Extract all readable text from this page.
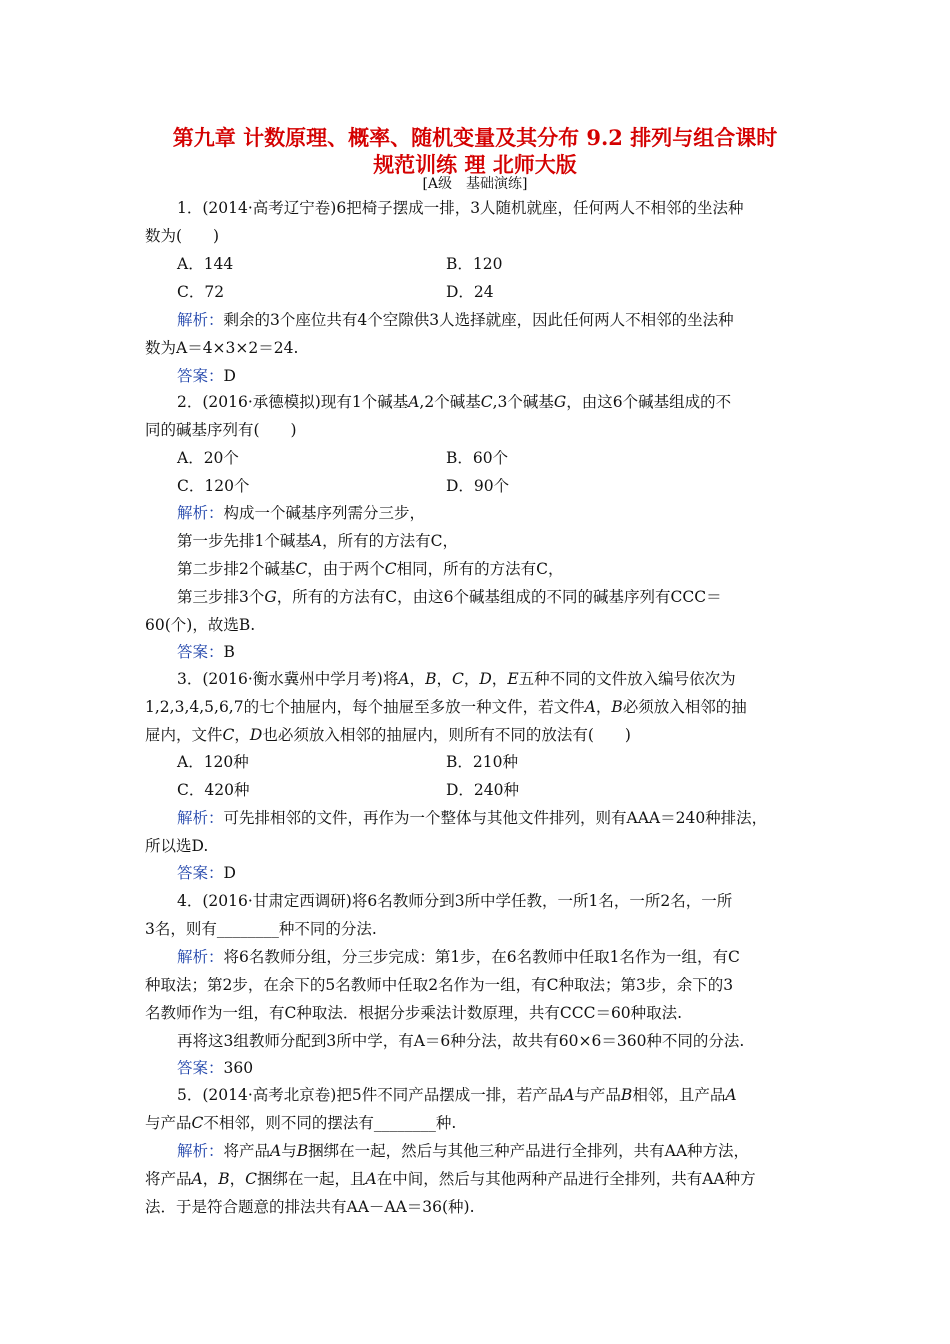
第九章 计数原理、概率、随机变量及其分布 9.2 排列与组合课时
规范训练 理 北师大版
[A级　基础演练]
1．(2014·高考辽宁卷)6把椅子摆成一排，3人随机就座，任何两人不相邻的坐法种
数为(　　)
A．144	B．120
C．72	D．24
解析：剩余的3个座位共有4个空隙供3人选择就座，因此任何两人不相邻的坐法种
数为A＝4×3×2＝24.
答案：D
2．(2016·承德模拟)现有1个碱基A,2个碱基C,3个碱基G，由这6个碱基组成的不
同的碱基序列有(　　)
A．20个	B．60个
C．120个	D．90个
解析：构成一个碱基序列需分三步，
第一步先排1个碱基A，所有的方法有C，
第二步排2个碱基C，由于两个C相同，所有的方法有C，
第三步排3个G，所有的方法有C，由这6个碱基组成的不同的碱基序列有CCC＝
60(个)，故选B.
答案：B
3．(2016·衡水冀州中学月考)将A，B，C，D，E五种不同的文件放入编号依次为
1,2,3,4,5,6,7的七个抽屉内，每个抽屉至多放一种文件，若文件A，B必须放入相邻的抽
屉内，文件C，D也必须放入相邻的抽屉内，则所有不同的放法有(　　)
A．120种	B．210种
C．420种	D．240种
解析：可先排相邻的文件，再作为一个整体与其他文件排列，则有AAA＝240种排法，
所以选D.
答案：D
4．(2016·甘肃定西调研)将6名教师分到3所中学任教，一所1名，一所2名，一所
3名，则有________种不同的分法.
解析：将6名教师分组，分三步完成：第1步，在6名教师中任取1名作为一组，有C
种取法；第2步，在余下的5名教师中任取2名作为一组，有C种取法；第3步，余下的3
名教师作为一组，有C种取法．根据分步乘法计数原理，共有CCC＝60种取法.
再将这3组教师分配到3所中学，有A＝6种分法，故共有60×6＝360种不同的分法.
答案：360
5．(2014·高考北京卷)把5件不同产品摆成一排，若产品A与产品B相邻，且产品A
与产品C不相邻，则不同的摆法有________种.
解析：将产品A与B捆绑在一起，然后与其他三种产品进行全排列，共有AA种方法，
将产品A，B，C捆绑在一起，且A在中间，然后与其他两种产品进行全排列，共有AA种方
法．于是符合题意的排法共有AA－AA＝36(种).
